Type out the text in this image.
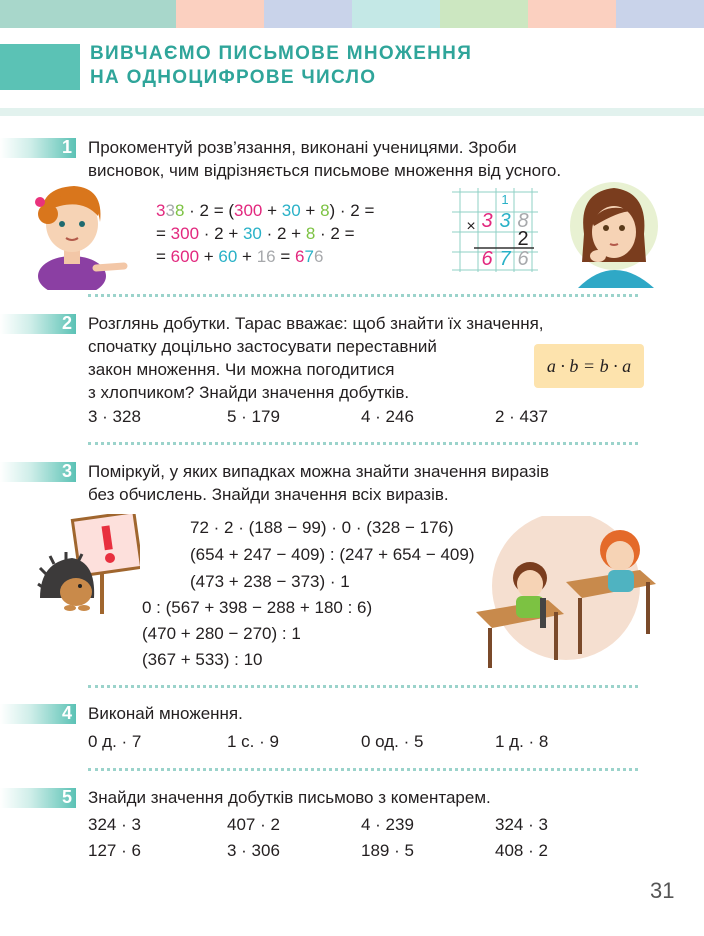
ВИВЧАЄМО ПИСЬМОВЕ МНОЖЕННЯ
НА ОДНОЦИФРОВЕ ЧИСЛО
1 Прокоментуй розв’язання, виконані ученицями. Зроби
висновок, чим відрізняється письмове множення від усного.
338 · 2 = (300 + 30 + 8) · 2 =
= 300 · 2 + 30 · 2 + 8 · 2 =
= 600 + 60 + 16 = 676
1
× 3 3 8
2
6 7 6
2 Розглянь добутки. Тарас вважає: щоб знайти їх значення,
спочатку доцільно застосувати переставний
закон множення. Чи можна погодитися
з хлопчиком? Знайди значення добутків.
a · b = b · a
3 · 328	5 · 179	4 · 246	2 · 437
3 Поміркуй, у яких випадках можна знайти значення виразів
без обчислень. Знайди значення всіх виразів.
72 · 2 · (188 − 99) · 0 · (328 − 176)
(654 + 247 − 409) : (247 + 654 − 409)
(473 + 238 − 373) · 1
0 : (567 + 398 − 288 + 180 : 6)
(470 + 280 − 270) : 1
(367 + 533) : 10
4 Виконай множення.
0 д. · 7	1 с. · 9	0 од. · 5	1 д. · 8
5 Знайди значення добутків письмово з коментарем.
324 · 3	407 · 2	4 · 239	324 · 3
127 · 6	3 · 306	189 · 5	408 · 2
31
